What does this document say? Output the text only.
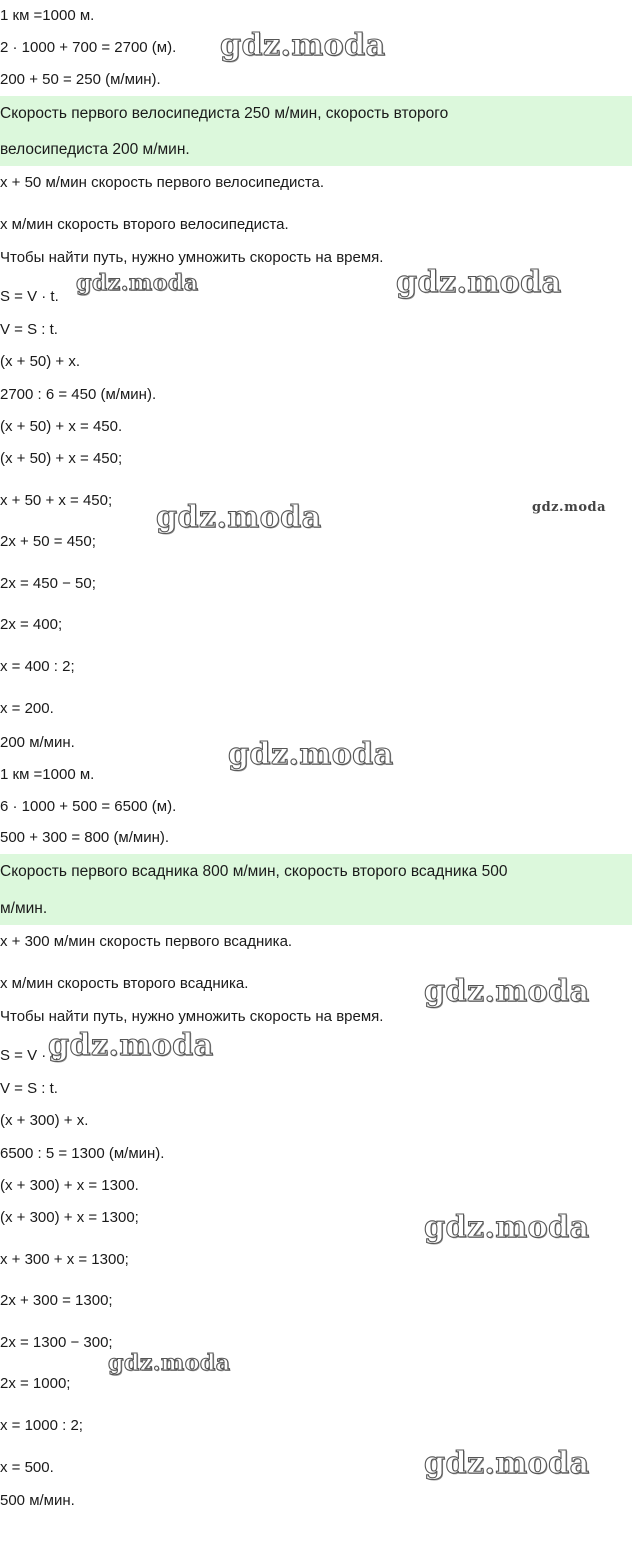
Скорость первого велосипедиста 250 м/мин, скорость второго
велосипедиста 200 м/мин.
Скорость первого всадника 800 м/мин, скорость второго всадника 500
м/мин.
1 км =1000 м.
2 · 1000 + 700 = 2700 (м).
200 + 50 = 250 (м/мин).
x + 50 м/мин скорость первого велосипедиста.
x м/мин скорость второго велосипедиста.
Чтобы найти путь, нужно умножить скорость на время.
S = V · t.
V = S : t.
(x + 50) + x.
2700 : 6 = 450 (м/мин).
(x + 50) + x = 450.
(x + 50) + x = 450;
x + 50 + x = 450;
2x + 50 = 450;
2x = 450 − 50;
2x = 400;
x = 400 : 2;
x = 200.
200 м/мин.
1 км =1000 м.
6 · 1000 + 500 = 6500 (м).
500 + 300 = 800 (м/мин).
x + 300 м/мин скорость первого всадника.
x м/мин скорость второго всадника.
Чтобы найти путь, нужно умножить скорость на время.
S = V · t.
V = S : t.
(x + 300) + x.
6500 : 5 = 1300 (м/мин).
(x + 300) + x = 1300.
(x + 300) + x = 1300;
x + 300 + x = 1300;
2x + 300 = 1300;
2x = 1300 − 300;
2x = 1000;
x = 1000 : 2;
x = 500.
500 м/мин.
gdz.moda
gdz.moda	gdz.moda
gdz.moda	gdz.moda
gdz.moda
gdz.moda
gdz.moda
gdz.moda
gdz.moda
gdz.moda
